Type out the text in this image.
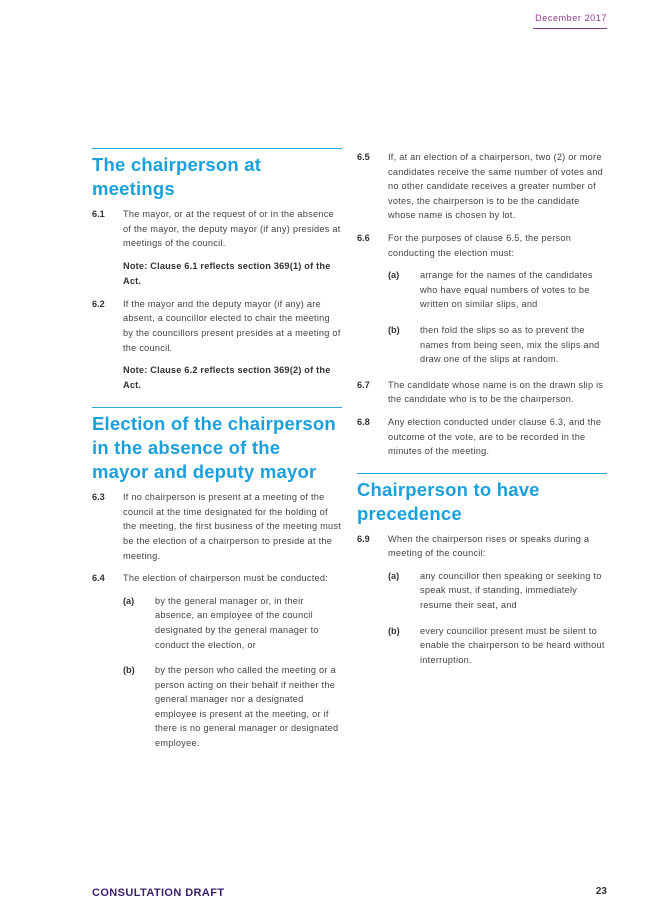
December 2017
The chairperson at meetings
6.1	The mayor, or at the request of or in the absence of the mayor, the deputy mayor (if any) presides at meetings of the council.
Note: Clause 6.1 reflects section 369(1) of the Act.
6.2	If the mayor and the deputy mayor (if any) are absent, a councillor elected to chair the meeting by the councillors present presides at a meeting of the council.
Note: Clause 6.2 reflects section 369(2) of the Act.
Election of the chairperson in the absence of the mayor and deputy mayor
6.3	If no chairperson is present at a meeting of the council at the time designated for the holding of the meeting, the first business of the meeting must be the election of a chairperson to preside at the meeting.
6.4	The election of chairperson must be conducted:
(a)	by the general manager or, in their absence, an employee of the council designated by the general manager to conduct the election, or
(b)	by the person who called the meeting or a person acting on their behalf if neither the general manager nor a designated employee is present at the meeting, or if there is no general manager or designated employee.
6.5	If, at an election of a chairperson, two (2) or more candidates receive the same number of votes and no other candidate receives a greater number of votes, the chairperson is to be the candidate whose name is chosen by lot.
6.6	For the purposes of clause 6.5, the person conducting the election must:
(a)	arrange for the names of the candidates who have equal numbers of votes to be written on similar slips, and
(b)	then fold the slips so as to prevent the names from being seen, mix the slips and draw one of the slips at random.
6.7	The candidate whose name is on the drawn slip is the candidate who is to be the chairperson.
6.8	Any election conducted under clause 6.3, and the outcome of the vote, are to be recorded in the minutes of the meeting.
Chairperson to have precedence
6.9	When the chairperson rises or speaks during a meeting of the council:
(a)	any councillor then speaking or seeking to speak must, if standing, immediately resume their seat, and
(b)	every councillor present must be silent to enable the chairperson to be heard without interruption.
CONSULTATION DRAFT	23
